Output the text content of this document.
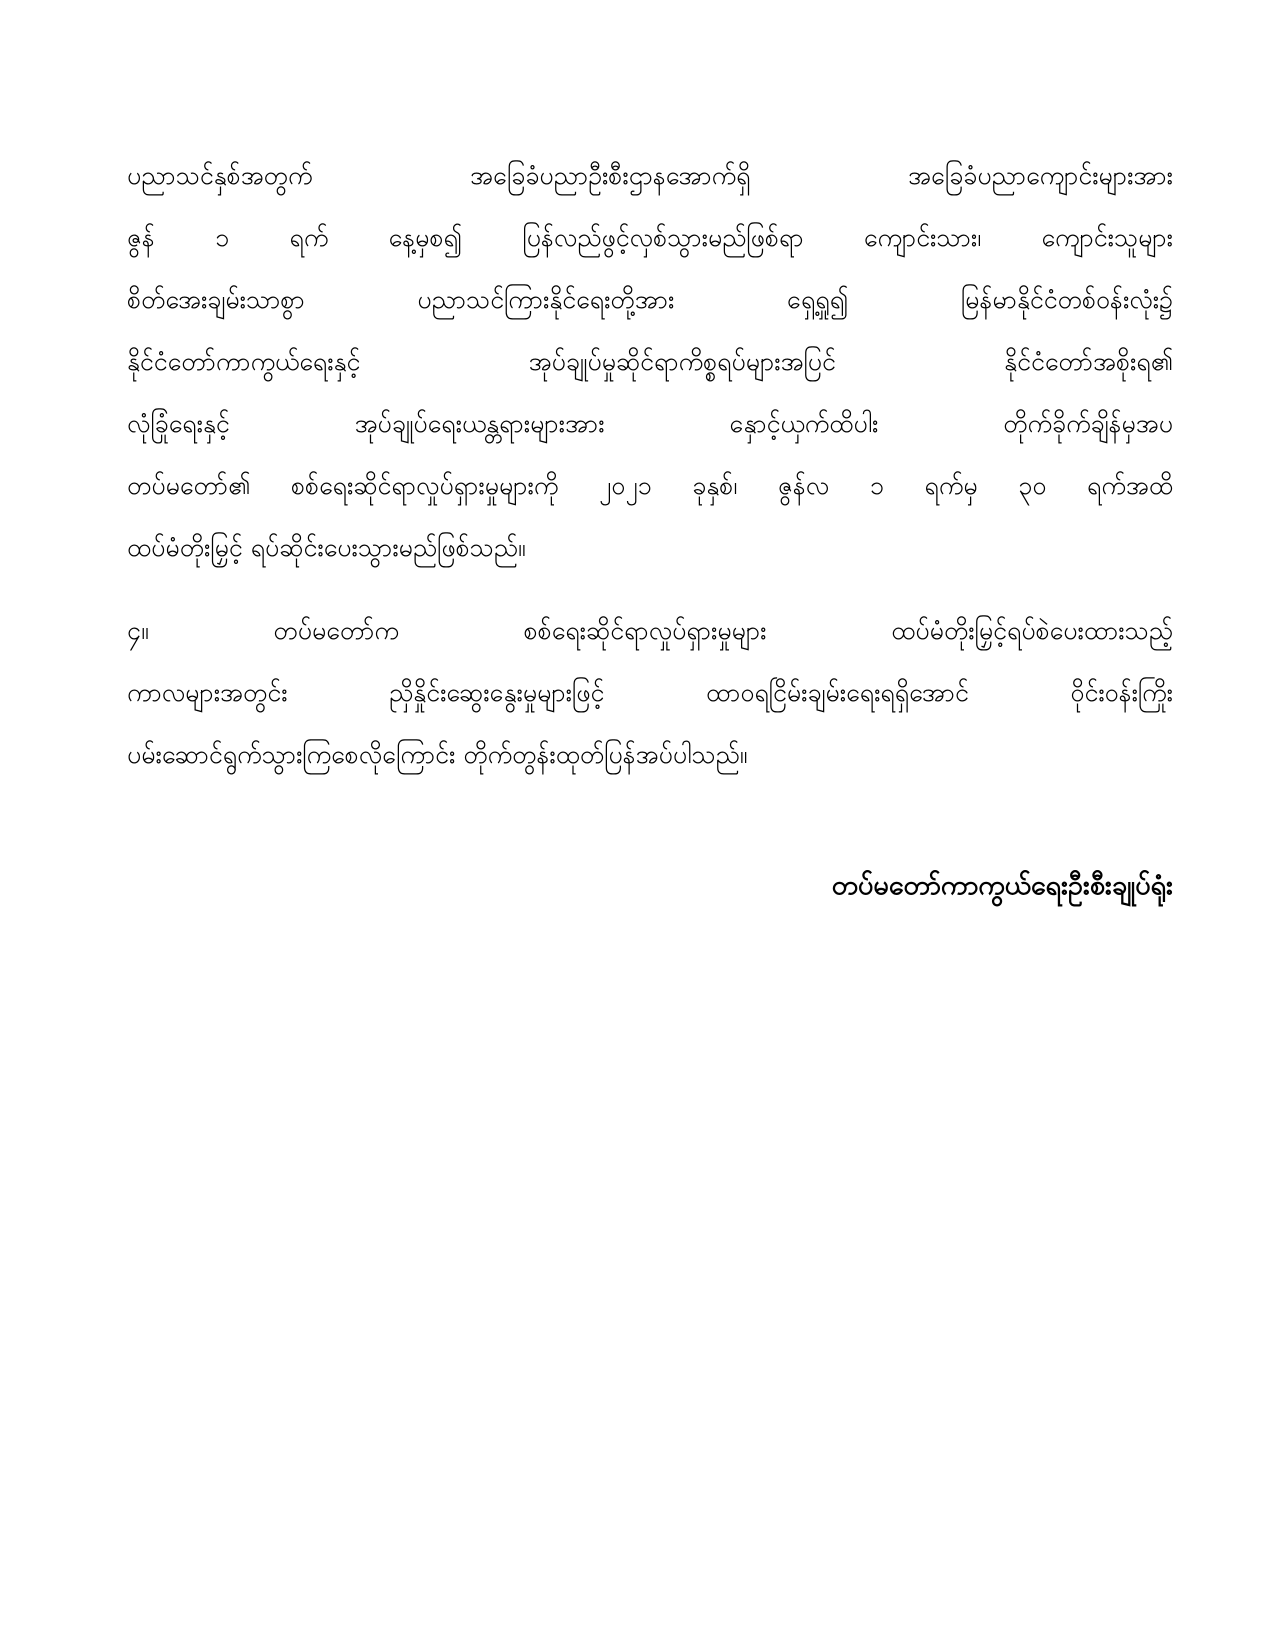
ပညာသင်နှစ်အတွက် အခြေခံပညာဦးစီးဌာနအောက်ရှိ အခြေခံပညာကျောင်းများအား
ဇွန် ၁ ရက် နေ့မှစ၍ ပြန်လည်ဖွင့်လှစ်သွားမည်ဖြစ်ရာ ကျောင်းသား၊ ကျောင်းသူများ
စိတ်အေးချမ်းသာစွာ ပညာသင်ကြားနိုင်ရေးတို့အား ရှေ့ရှု၍ မြန်မာနိုင်ငံတစ်ဝန်းလုံး၌
နိုင်ငံတော်ကာကွယ်ရေးနှင့် အုပ်ချုပ်မှုဆိုင်ရာကိစ္စရပ်များအပြင် နိုင်ငံတော်အစိုးရ၏
လုံခြုံရေးနှင့် အုပ်ချုပ်ရေးယန္တရားများအား နှောင့်ယှက်ထိပါး တိုက်ခိုက်ချိန်မှအပ
တပ်မတော်၏ စစ်ရေးဆိုင်ရာလှုပ်ရှားမှုများကို ၂၀၂၁ ခုနှစ်၊ ဇွန်လ ၁ ရက်မှ ၃၀ ရက်အထိ
ထပ်မံတိုးမြှင့် ရပ်ဆိုင်းပေးသွားမည်ဖြစ်သည်။
၄။ တပ်မတော်က စစ်ရေးဆိုင်ရာလှုပ်ရှားမှုများ ထပ်မံတိုးမြှင့်ရပ်စဲပေးထားသည့်
ကာလများအတွင်း ညှိနှိုင်းဆွေးနွေးမှုများဖြင့် ထာဝရငြိမ်းချမ်းရေးရရှိအောင် ဝိုင်းဝန်းကြိုး
ပမ်းဆောင်ရွက်သွားကြစေလိုကြောင်း တိုက်တွန်းထုတ်ပြန်အပ်ပါသည်။
တပ်မတော်ကာကွယ်ရေးဦးစီးချုပ်ရုံး
